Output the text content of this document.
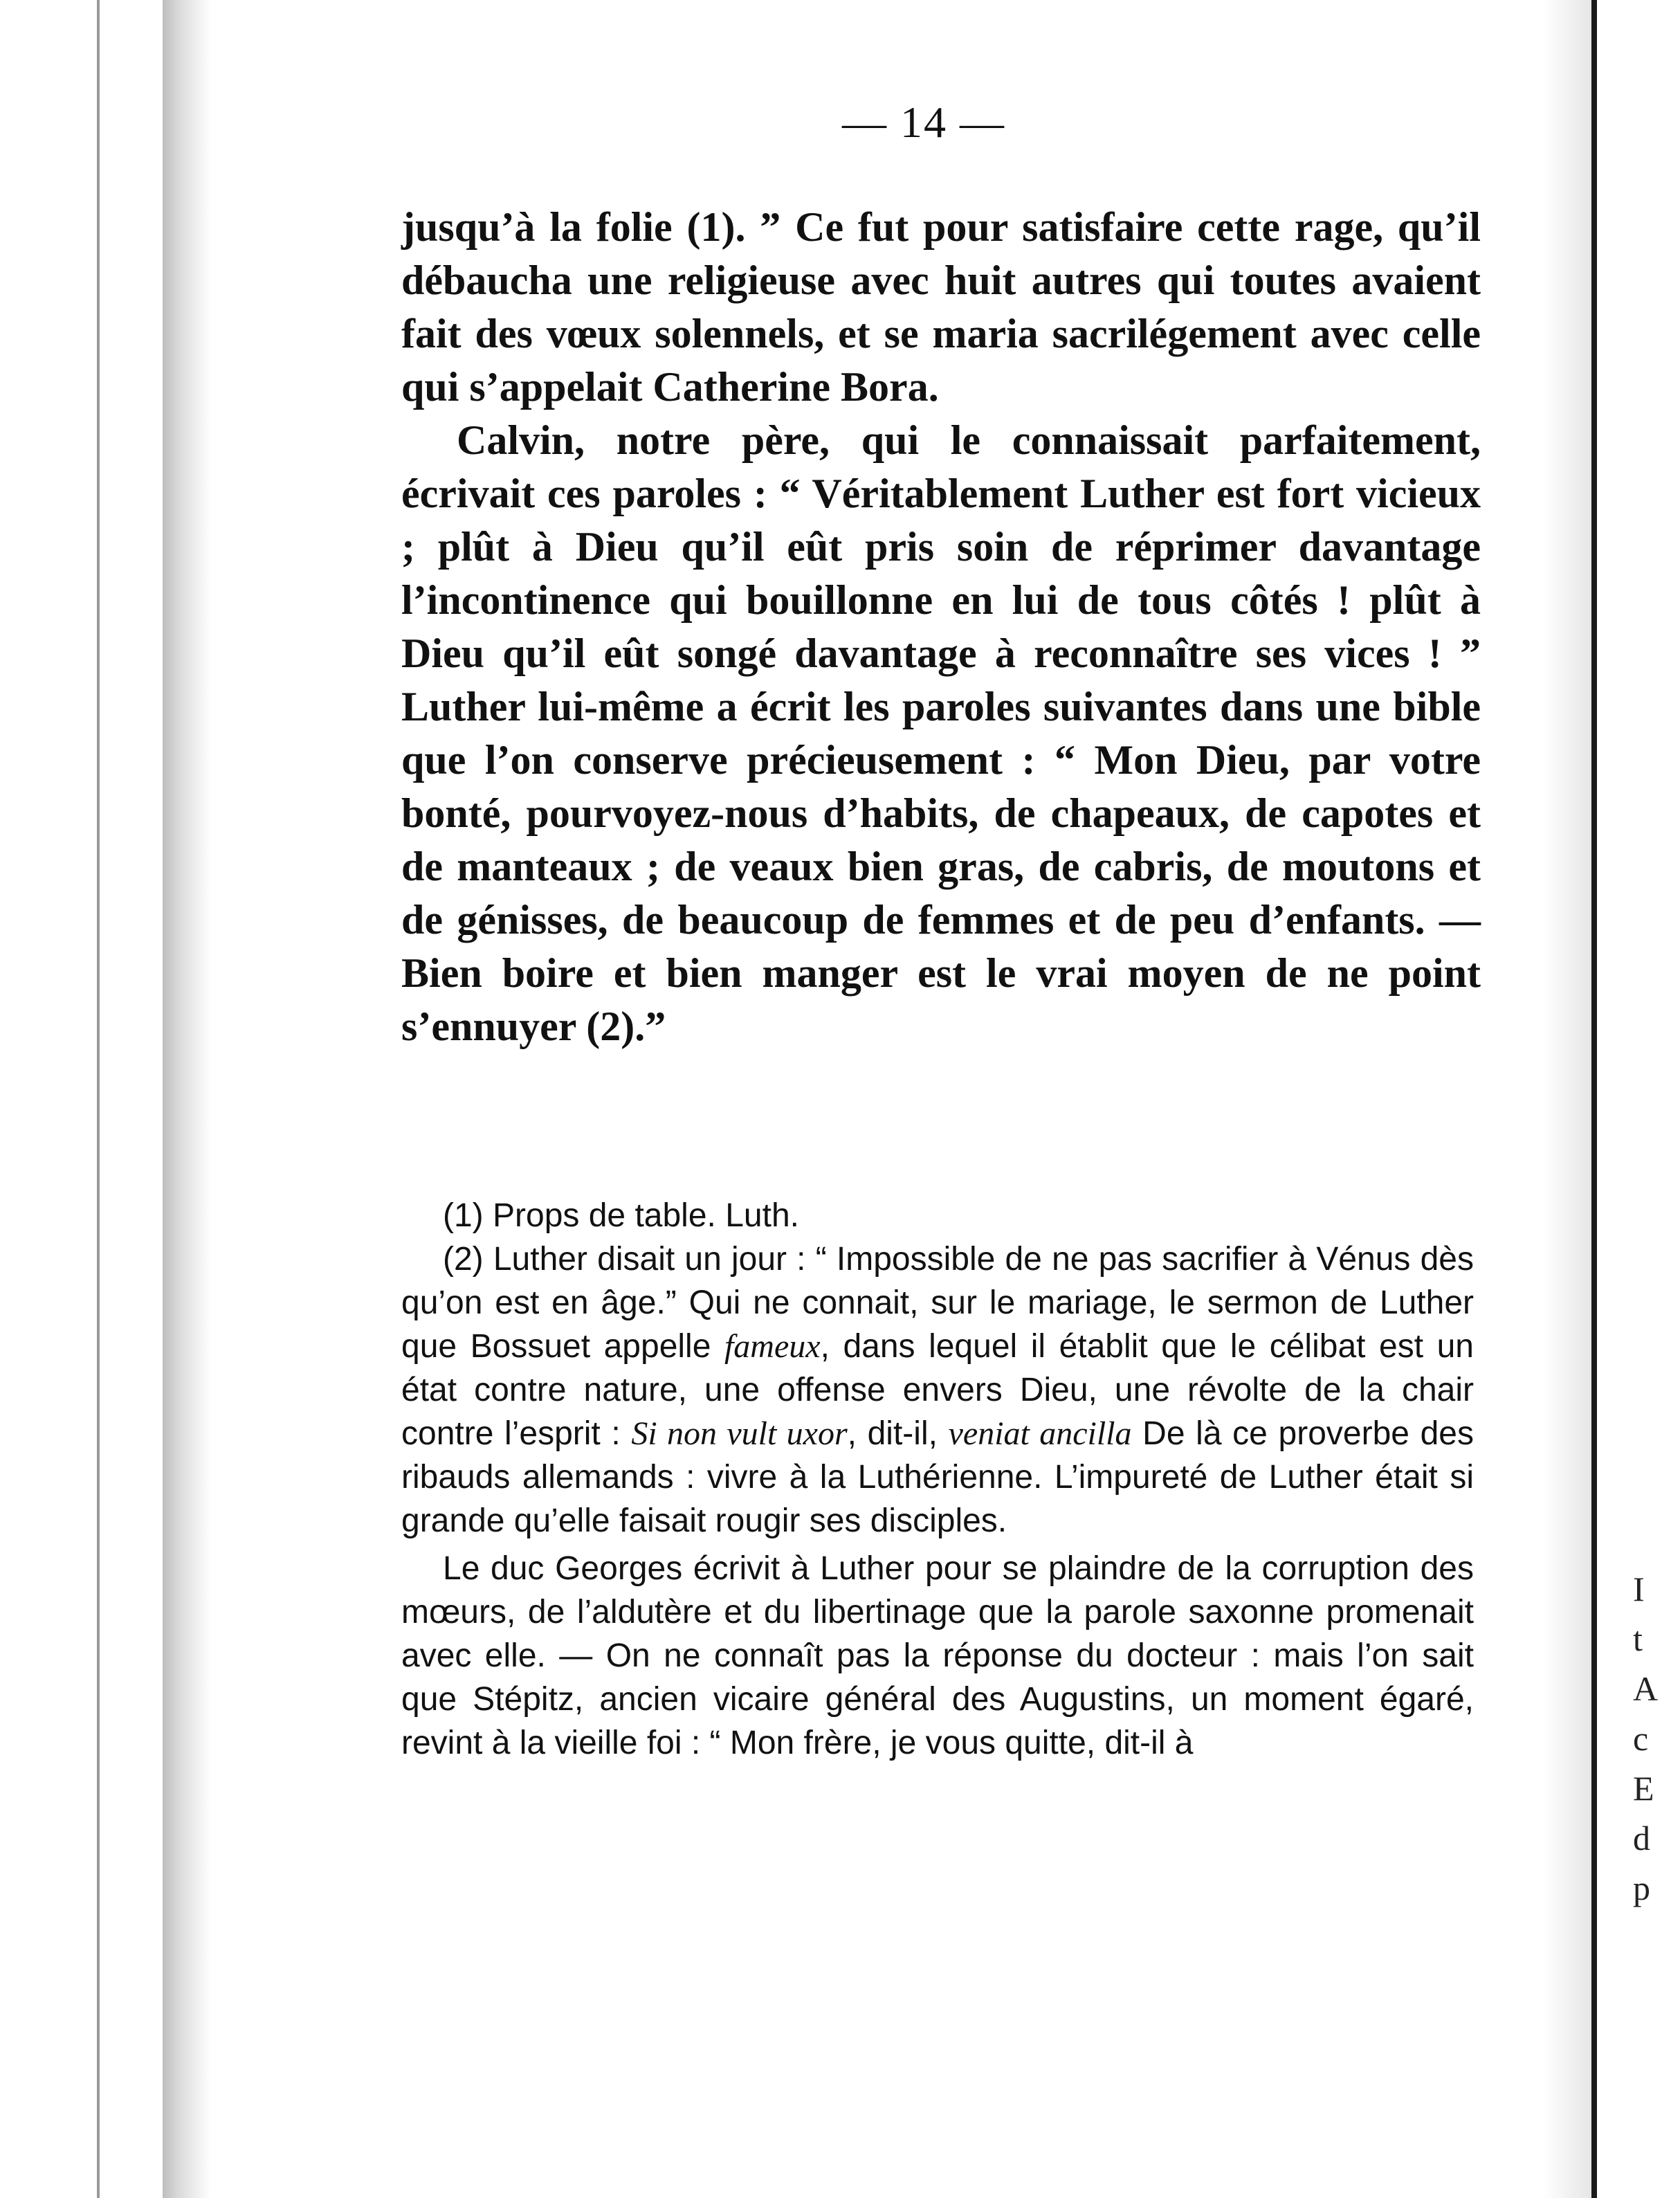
I
t
A
c
E
d
p
— 14 —

jusqu’à la folie (1). ” Ce fut pour satisfaire cette rage, qu’il débaucha une religieuse avec huit autres qui toutes avaient fait des vœux solennels, et se maria sacrilégement avec celle qui s’appelait Catherine Bora.

Calvin, notre père, qui le connaissait parfaitement, écrivait ces paroles : “ Véritablement Luther est fort vicieux ; plût à Dieu qu’il eût pris soin de réprimer davantage l’incontinence qui bouillonne en lui de tous côtés ! plût à Dieu qu’il eût songé davantage à reconnaître ses vices ! ” Luther lui-même a écrit les paroles suivantes dans une bible que l’on conserve précieusement : “ Mon Dieu, par votre bonté, pourvoyez-nous d’habits, de chapeaux, de capotes et de manteaux ; de veaux bien gras, de cabris, de moutons et de génisses, de beaucoup de femmes et de peu d’enfants. — Bien boire et bien manger est le vrai moyen de ne point s’ennuyer (2).”

(1) Props de table. Luth.

(2) Luther disait un jour : “ Impossible de ne pas sacrifier à Vénus dès qu’on est en âge.” Qui ne connait, sur le mariage, le sermon de Luther que Bossuet appelle fameux, dans lequel il établit que le célibat est un état contre nature, une offense envers Dieu, une révolte de la chair contre l’esprit : Si non vult uxor, dit-il, veniat ancilla De là ce proverbe des ribauds allemands : vivre à la Luthérienne. L’impureté de Luther était si grande qu’elle faisait rougir ses disciples.

Le duc Georges écrivit à Luther pour se plaindre de la corruption des mœurs, de l’aldutère et du libertinage que la parole saxonne promenait avec elle. — On ne connaît pas la réponse du docteur : mais l’on sait que Stépitz, ancien vicaire général des Augustins, un moment égaré, revint à la vieille foi : “ Mon frère, je vous quitte, dit-il à
